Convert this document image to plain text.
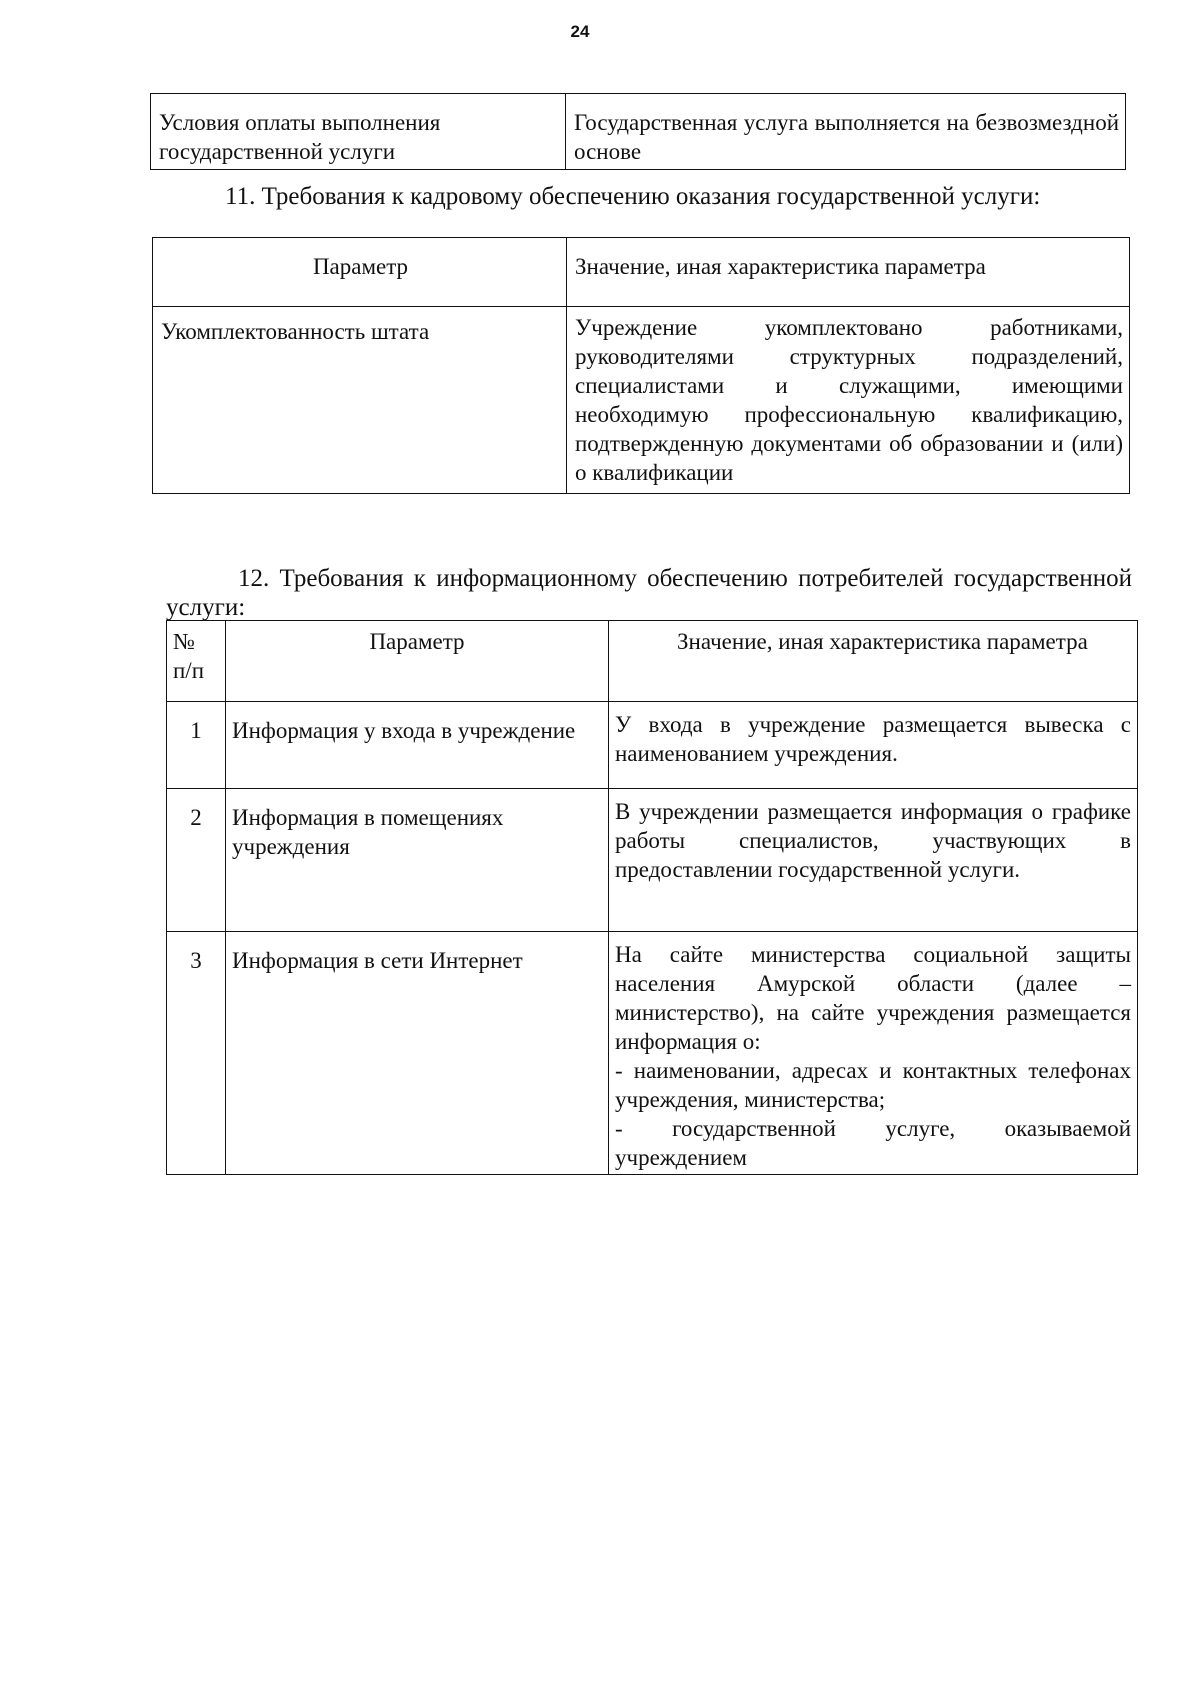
24
Условия оплаты выполнения государственной услуги	Государственная услуга выполняется на безвозмездной основе
11. Требования к кадровому обеспечению оказания государственной услуги:
Параметр	Значение, иная характеристика параметра
Укомплектованность штата	Учреждение укомплектовано работниками, руководителями структурных подразделений, специалистами и служащими, имеющими необходимую профессиональную квалификацию, подтвержденную документами об образовании и (или) о квалификации
12. Требования к информационному обеспечению потребителей государственной услуги:
№ п/п	Параметр	Значение, иная характеристика параметра
1	Информация у входа в учреждение	У входа в учреждение размещается вывеска с наименованием учреждения.
2	Информация в помещениях учреждения	В учреждении размещается информация о графике работы специалистов, участвующих в предоставлении государственной услуги.
3	Информация в сети Интернет	На сайте министерства социальной защиты населения Амурской области (далее – министерство), на сайте учреждения размещается информация о:
- наименовании, адресах и контактных телефонах учреждения, министерства;
- государственной услуге, оказываемой учреждением
